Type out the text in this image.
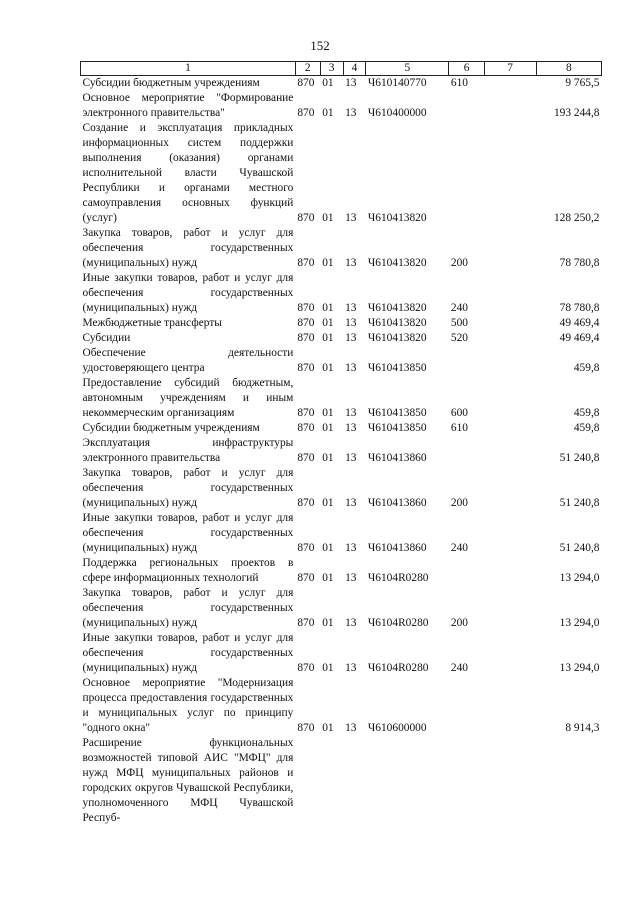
152
1	2	3	4	5	6	7	8
Субсидии бюджетным учреждениям	870	01	13	Ч610140770	610		9 765,5
Основное мероприятие "Формирование электронного правительства"	870	01	13	Ч610400000			193 244,8
Создание и эксплуатация прикладных информационных систем поддержки выполнения (оказания) органами исполнительной власти Чувашской Республики и органами местного самоуправления основных функций (услуг)	870	01	13	Ч610413820			128 250,2
Закупка товаров, работ и услуг для обеспечения государственных (муниципальных) нужд	870	01	13	Ч610413820	200		78 780,8
Иные закупки товаров, работ и услуг для обеспечения государственных (муниципальных) нужд	870	01	13	Ч610413820	240		78 780,8
Межбюджетные трансферты	870	01	13	Ч610413820	500		49 469,4
Субсидии	870	01	13	Ч610413820	520		49 469,4
Обеспечение деятельности удостоверяющего центра	870	01	13	Ч610413850			459,8
Предоставление субсидий бюджетным, автономным учреждениям и иным некоммерческим организациям	870	01	13	Ч610413850	600		459,8
Субсидии бюджетным учреждениям	870	01	13	Ч610413850	610		459,8
Эксплуатация инфраструктуры электронного правительства	870	01	13	Ч610413860			51 240,8
Закупка товаров, работ и услуг для обеспечения государственных (муниципальных) нужд	870	01	13	Ч610413860	200		51 240,8
Иные закупки товаров, работ и услуг для обеспечения государственных (муниципальных) нужд	870	01	13	Ч610413860	240		51 240,8
Поддержка региональных проектов в сфере информационных технологий	870	01	13	Ч6104R0280			13 294,0
Закупка товаров, работ и услуг для обеспечения государственных (муниципальных) нужд	870	01	13	Ч6104R0280	200		13 294,0
Иные закупки товаров, работ и услуг для обеспечения государственных (муниципальных) нужд	870	01	13	Ч6104R0280	240		13 294,0
Основное мероприятие "Модернизация процесса предоставления государственных и муниципальных услуг по принципу "одного окна"	870	01	13	Ч610600000			8 914,3
Расширение функциональных возможностей типовой АИС "МФЦ" для нужд МФЦ муниципальных районов и городских округов Чувашской Республики, уполномоченного МФЦ Чувашской Респуб-							
